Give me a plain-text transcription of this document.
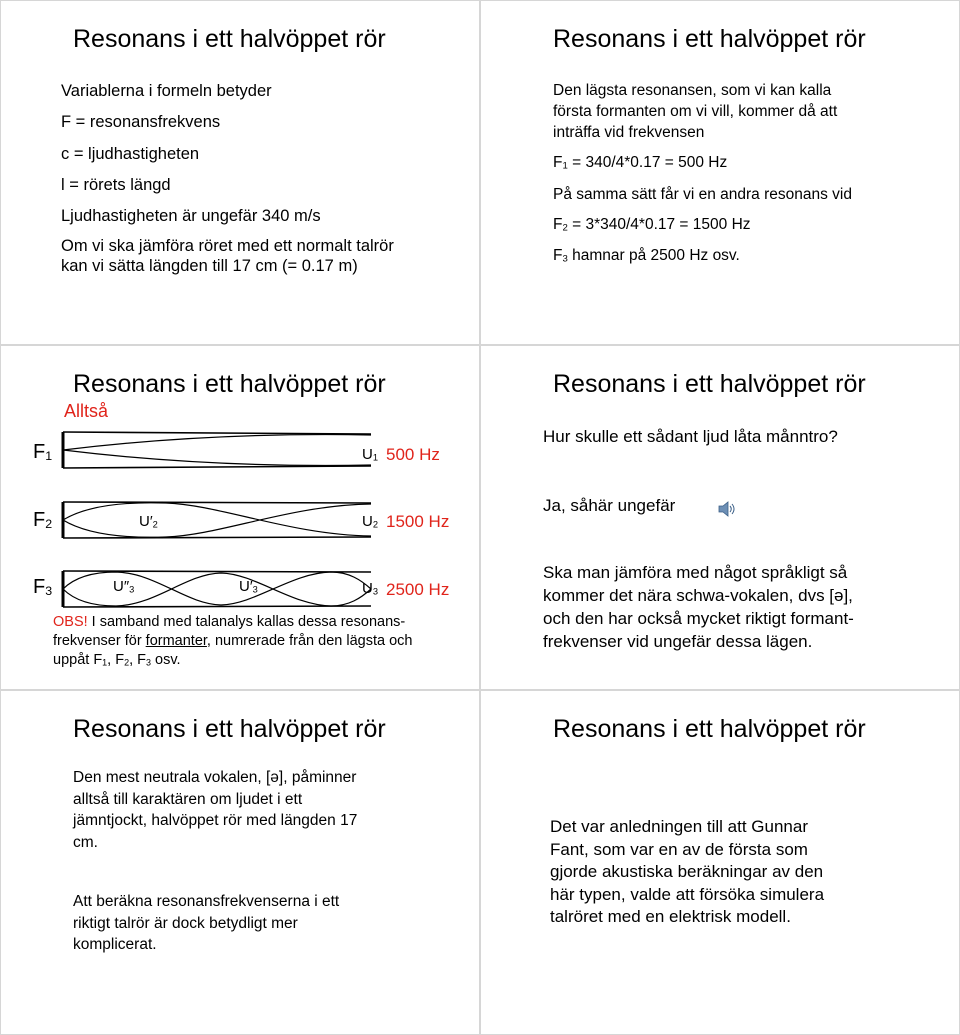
Resonans i ett halvöppet rör
Variablerna i formeln betyder
F = resonansfrekvens
c = ljudhastigheten
l = rörets längd
Ljudhastigheten är ungefär 340 m/s
Om vi ska jämföra röret med ett normalt talrör
kan vi sätta längden till 17 cm (= 0.17 m)
Resonans i ett halvöppet rör
Den lägsta resonansen, som vi kan kalla
första formanten om vi vill, kommer då att
inträffa vid frekvensen
$F_1 = 340/4*0.17 = 500$ Hz
På samma sätt får vi en andra resonans vid
$F_2 = 3*340/4*0.17 = 1500$ Hz
$F_3$ hamnar på 2500 Hz osv.
Resonans i ett halvöppet rör
Alltså
$F_1$	$U_1$ 500 Hz
$F_2$	$U'_2$	$U_2$ 1500 Hz
$F_3$	$U''_3$	$U'_3$	$U_3$ 2500 Hz
OBS! I samband med talanalys kallas dessa resonans-
frekvenser för formanter, numrerade från den lägsta och
uppåt $F_1$, $F_2$, $F_3$ osv.
Resonans i ett halvöppet rör
Hur skulle ett sådant ljud låta månntro?
Ja, såhär ungefär
Ska man jämföra med något språkligt så
kommer det nära schwa-vokalen, dvs [ə],
och den har också mycket riktigt formant-
frekvenser vid ungefär dessa lägen.
Resonans i ett halvöppet rör
Den mest neutrala vokalen, [ə], påminner
alltså till karaktären om ljudet i ett
jämntjockt, halvöppet rör med längden 17
cm.
Att beräkna resonansfrekvenserna i ett
riktigt talrör är dock betydligt mer
komplicerat.
Resonans i ett halvöppet rör
Det var anledningen till att Gunnar
Fant, som var en av de första som
gjorde akustiska beräkningar av den
här typen, valde att försöka simulera
talröret med en elektrisk modell.
